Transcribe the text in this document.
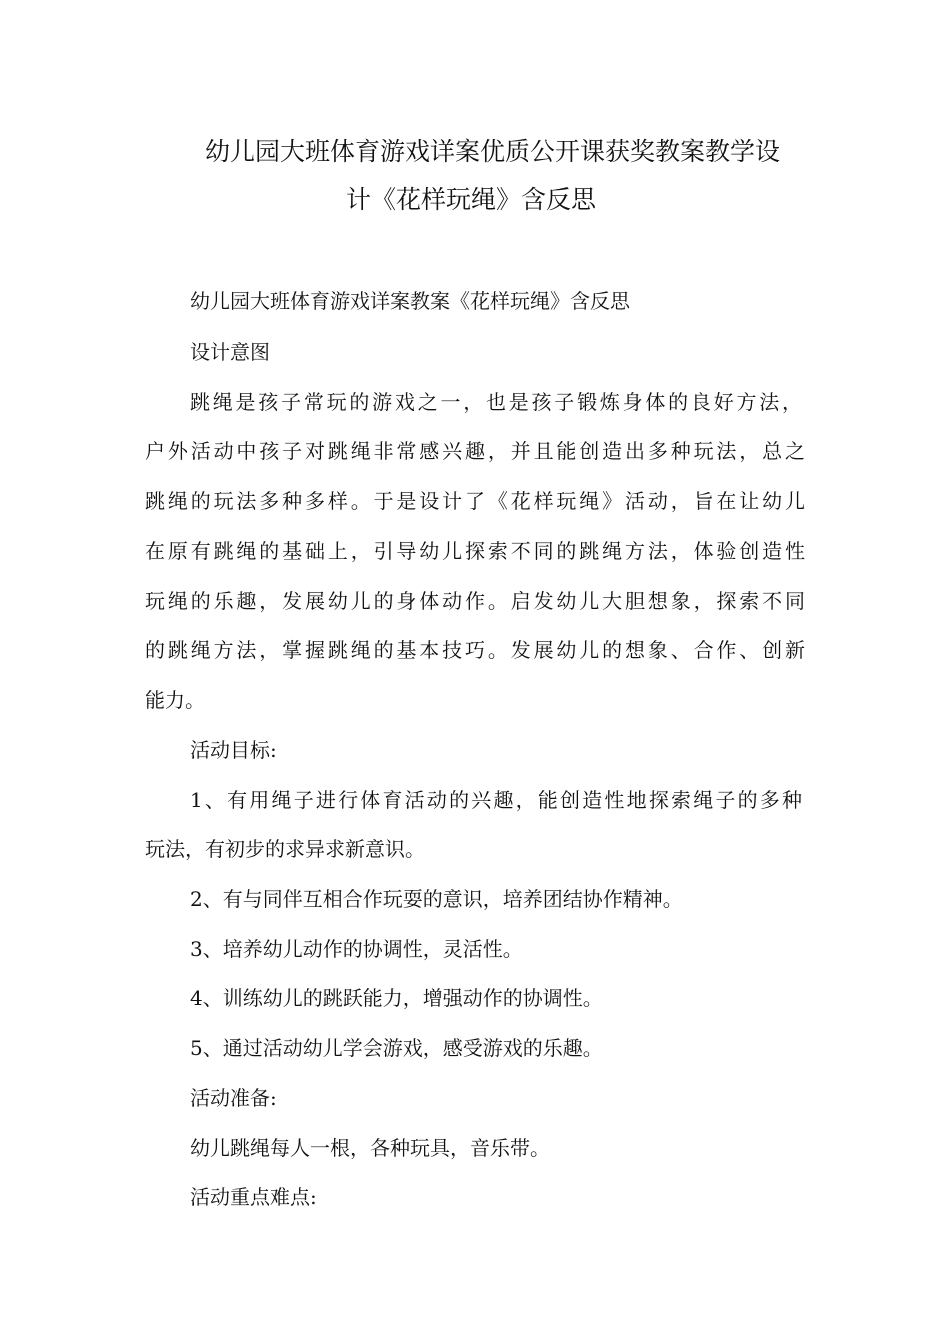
幼儿园大班体育游戏详案优质公开课获奖教案教学设
计《花样玩绳》含反思
幼儿园大班体育游戏详案教案《花样玩绳》含反思
设计意图
跳绳是孩子常玩的游戏之一，也是孩子锻炼身体的良好方法，
户外活动中孩子对跳绳非常感兴趣，并且能创造出多种玩法，总之
跳绳的玩法多种多样。于是设计了《花样玩绳》活动，旨在让幼儿
在原有跳绳的基础上，引导幼儿探索不同的跳绳方法，体验创造性
玩绳的乐趣，发展幼儿的身体动作。启发幼儿大胆想象，探索不同
的跳绳方法，掌握跳绳的基本技巧。发展幼儿的想象、合作、创新
能力。
活动目标:
1、有用绳子进行体育活动的兴趣，能创造性地探索绳子的多种
玩法，有初步的求异求新意识。
2、有与同伴互相合作玩耍的意识，培养团结协作精神。
3、培养幼儿动作的协调性，灵活性。
4、训练幼儿的跳跃能力，增强动作的协调性。
5、通过活动幼儿学会游戏，感受游戏的乐趣。
活动准备:
幼儿跳绳每人一根，各种玩具，音乐带。
活动重点难点:
